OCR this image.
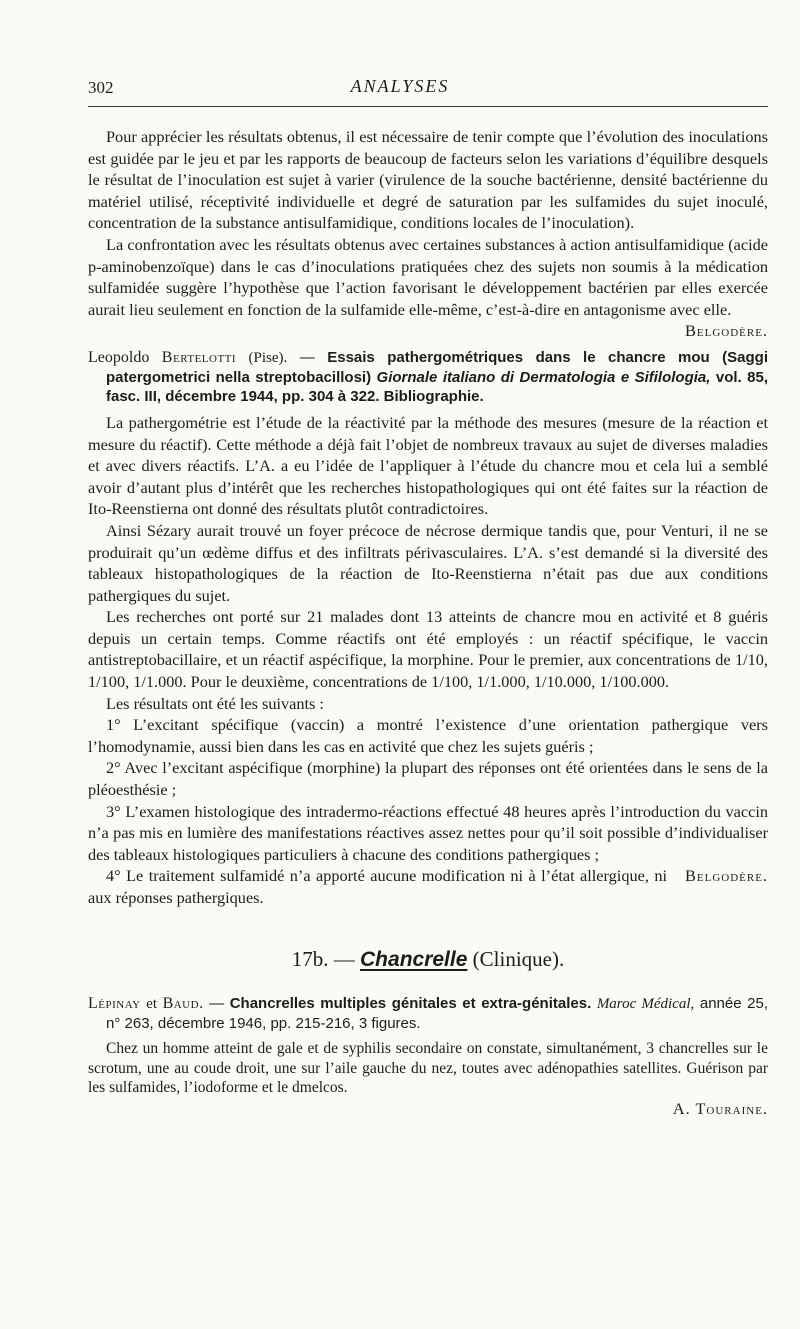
302	ANALYSES

Pour apprécier les résultats obtenus, il est nécessaire de tenir compte que l’évolution des inoculations est guidée par le jeu et par les rapports de beaucoup de facteurs selon les variations d’équilibre desquels le résultat de l’inoculation est sujet à varier (virulence de la souche bactérienne, densité bactérienne du matériel utilisé, réceptivité individuelle et degré de saturation par les sulfamides du sujet inoculé, concentration de la substance antisulfamidique, conditions locales de l’inoculation).

La confrontation avec les résultats obtenus avec certaines substances à action antisulfamidique (acide p-aminobenzoïque) dans le cas d’inoculations pratiquées chez des sujets non soumis à la médication sulfamidée suggère l’hypothèse que l’action favorisant le développement bactérien par elles exercée aurait lieu seulement en fonction de la sulfamide elle-même, c’est-à-dire en antagonisme avec elle.

Belgodère.

Leopoldo Bertelotti (Pise). — Essais pathergométriques dans le chancre mou (Saggi patergometrici nella streptobacillosi) Giornale italiano di Dermatologia e Sifilologia, vol. 85, fasc. III, décembre 1944, pp. 304 à 322. Bibliographie.

La pathergométrie est l’étude de la réactivité par la méthode des mesures (mesure de la réaction et mesure du réactif). Cette méthode a déjà fait l’objet de nombreux travaux au sujet de diverses maladies et avec divers réactifs. L’A. a eu l’idée de l’appliquer à l’étude du chancre mou et cela lui a semblé avoir d’autant plus d’intérêt que les recherches histopathologiques qui ont été faites sur la réaction de Ito-Reenstierna ont donné des résultats plutôt contradictoires.

Ainsi Sézary aurait trouvé un foyer précoce de nécrose dermique tandis que, pour Venturi, il ne se produirait qu’un œdème diffus et des infiltrats périvasculaires. L’A. s’est demandé si la diversité des tableaux histopathologiques de la réaction de Ito-Reenstierna n’était pas due aux conditions pathergiques du sujet.

Les recherches ont porté sur 21 malades dont 13 atteints de chancre mou en activité et 8 guéris depuis un certain temps. Comme réactifs ont été employés : un réactif spécifique, le vaccin antistreptobacillaire, et un réactif aspécifique, la morphine. Pour le premier, aux concentrations de 1/10, 1/100, 1/1.000. Pour le deuxième, concentrations de 1/100, 1/1.000, 1/10.000, 1/100.000.

Les résultats ont été les suivants :

1° L’excitant spécifique (vaccin) a montré l’existence d’une orientation pathergique vers l’homodynamie, aussi bien dans les cas en activité que chez les sujets guéris ;

2° Avec l’excitant aspécifique (morphine) la plupart des réponses ont été orientées dans le sens de la pléoesthésie ;

3° L’examen histologique des intradermo-réactions effectué 48 heures après l’introduction du vaccin n’a pas mis en lumière des manifestations réactives assez nettes pour qu’il soit possible d’individualiser des tableaux histologiques particuliers à chacune des conditions pathergiques ;

Belgodère.
4° Le traitement sulfamidé n’a apporté aucune modification ni à l’état allergique, ni aux réponses pathergiques.

17b. — Chancrelle (Clinique).

Lépinay et Baud. — Chancrelles multiples génitales et extra-génitales. Maroc Médical, année 25, n° 263, décembre 1946, pp. 215-216, 3 figures.

Chez un homme atteint de gale et de syphilis secondaire on constate, simultanément, 3 chancrelles sur le scrotum, une au coude droit, une sur l’aile gauche du nez, toutes avec adénopathies satellites. Guérison par les sulfamides, l’iodoforme et le dmelcos.

A. Touraine.
